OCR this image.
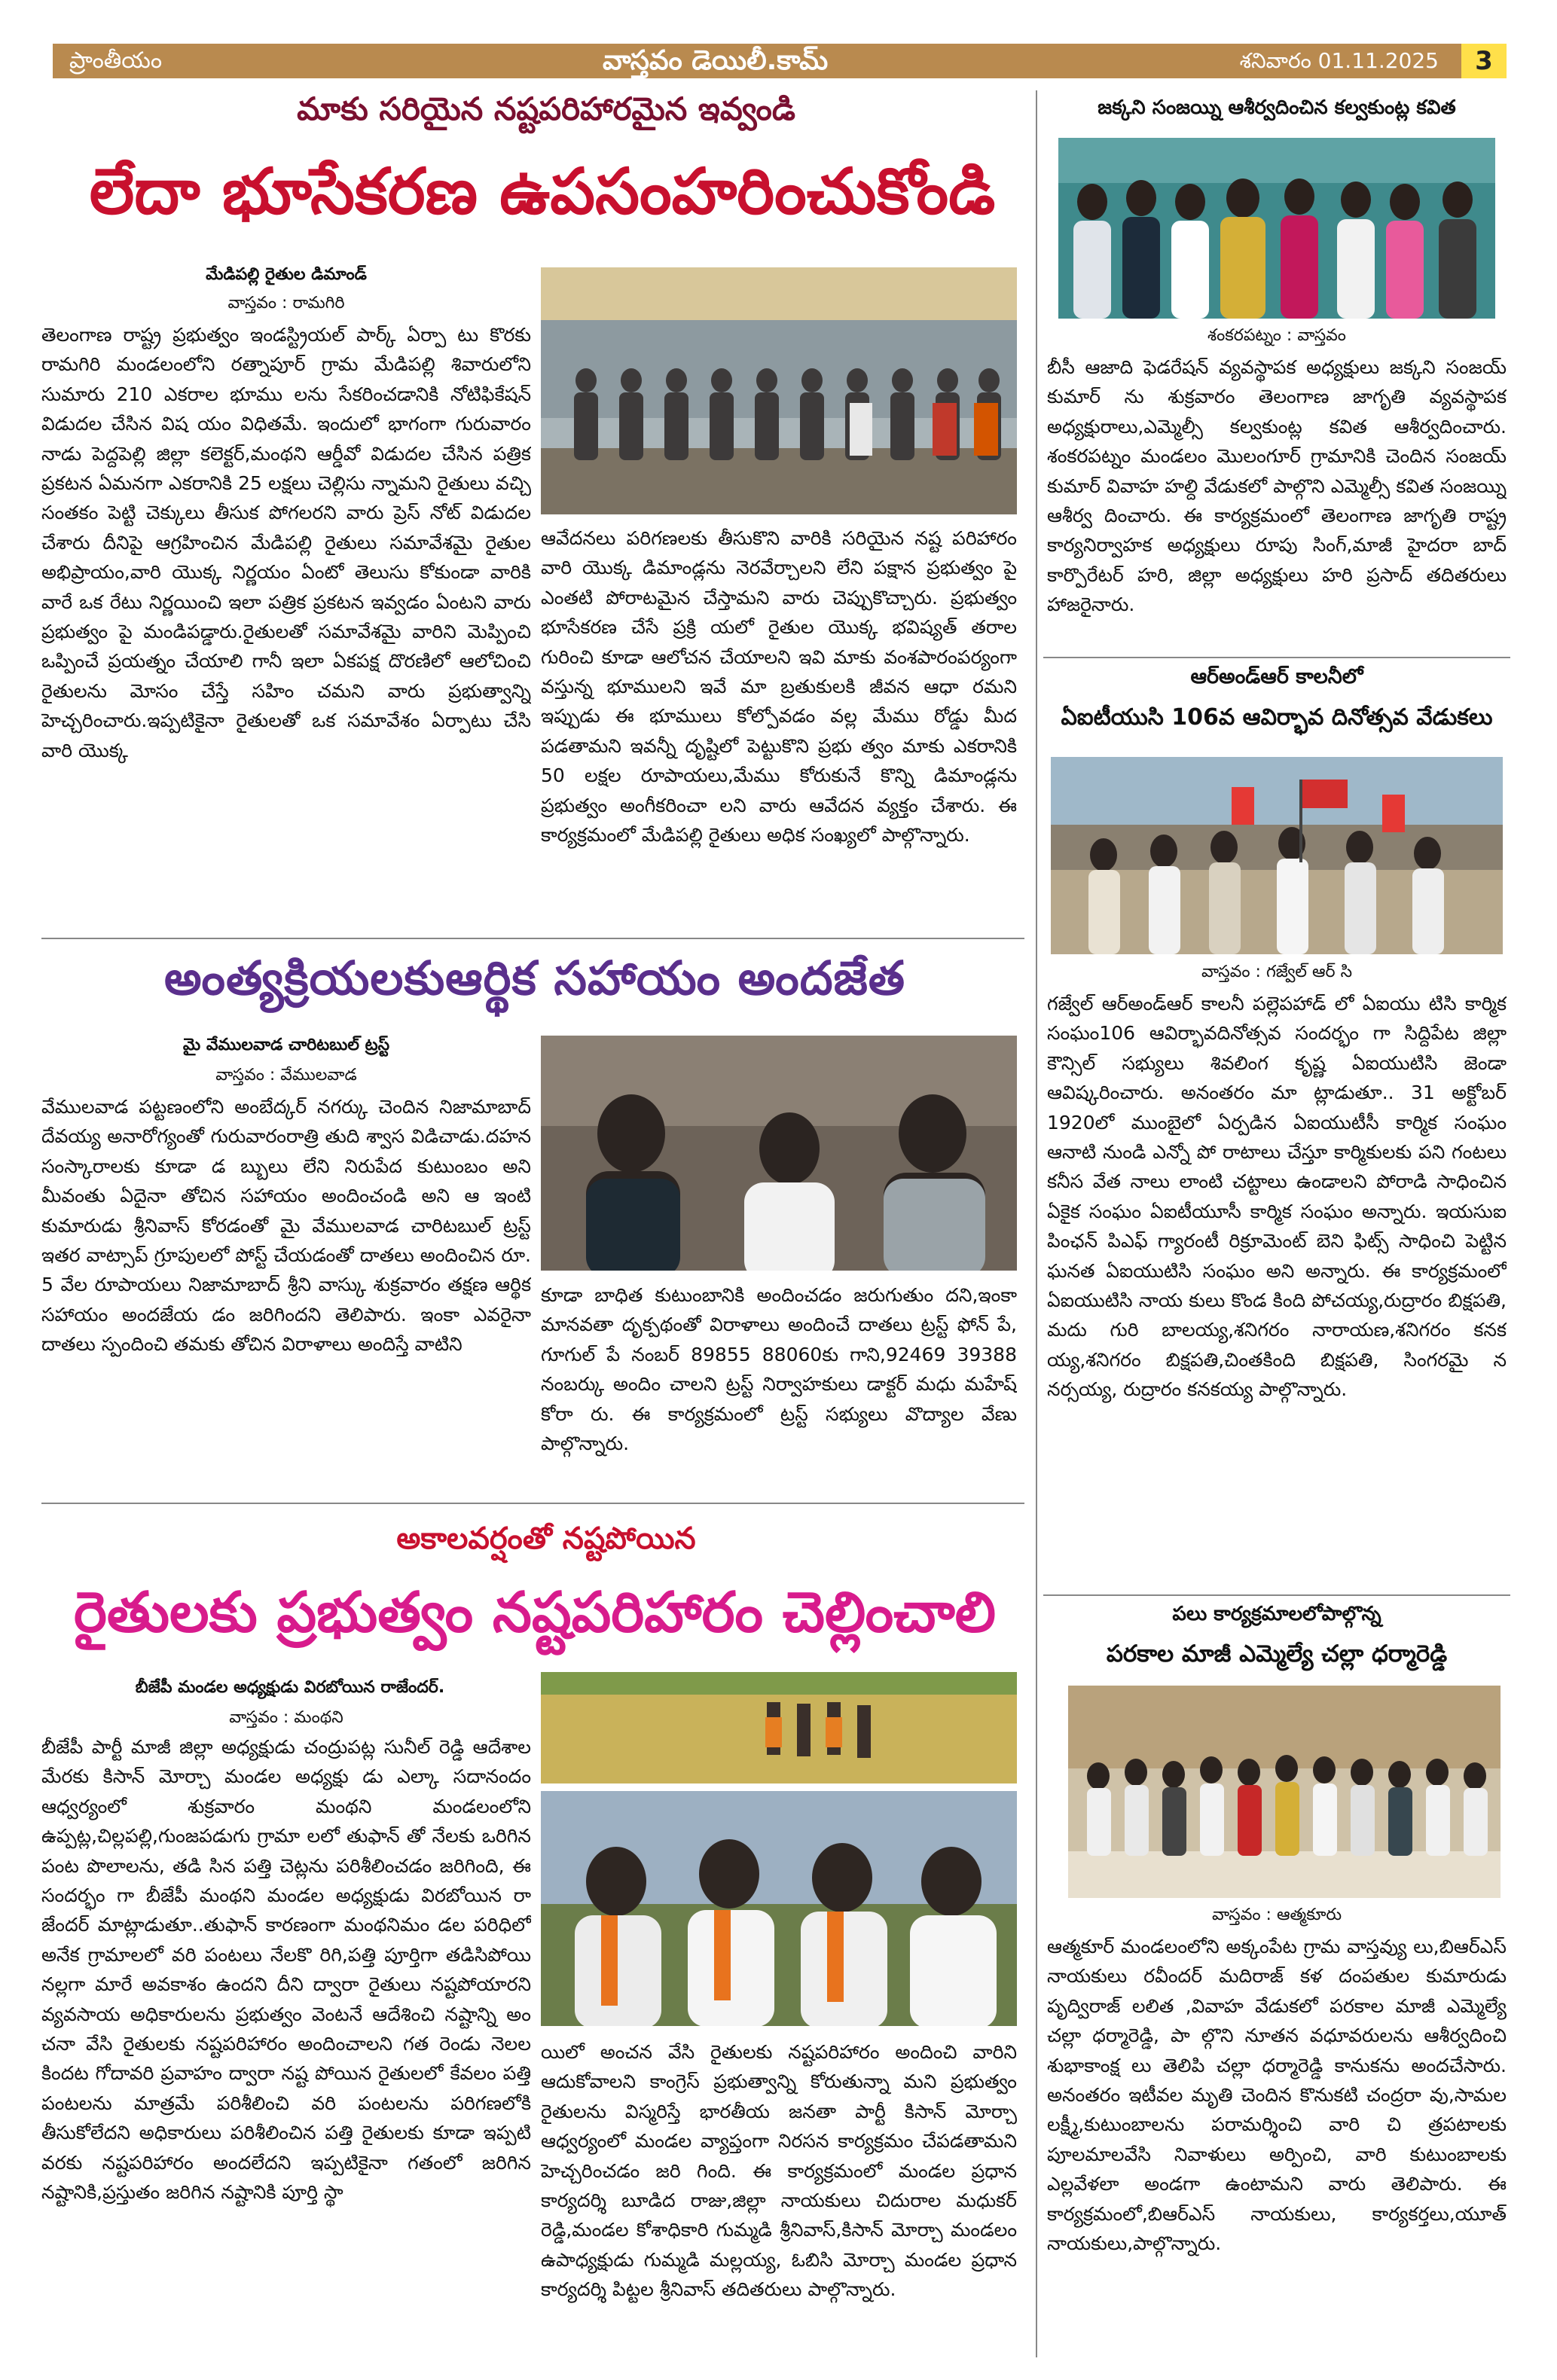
ప్రాంతీయం	వాస్తవం డెయిలీ.కామ్	శనివారం 01.11.2025	3
మాకు సరియైన నష్టపరిహారమైన ఇవ్వండి
లేదా భూసేకరణ ఉపసంహరించుకోండి
మేడిపల్లి రైతుల డిమాండ్
వాస్తవం : రామగిరి

తెలంగాణ రాష్ట్ర ప్రభుత్వం ఇండస్ట్రియల్ పార్క్ ఏర్పా టు కొరకు రామగిరి మండలంలోని రత్నాపూర్ గ్రామ మేడిపల్లి శివారులోని సుమారు 210 ఎకరాల భూము లను సేకరించడానికి నోటిఫికేషన్ విడుదల చేసిన విష యం విధితమే. ఇందులో భాగంగా గురువారం నాడు పెద్దపెల్లి జిల్లా కలెక్టర్,మంథని ఆర్డీవో విడుదల చేసిన పత్రిక ప్రకటన ఏమనగా ఎకరానికి 25 లక్షలు చెల్లిసు న్నామని రైతులు వచ్చి సంతకం పెట్టి చెక్కులు తీసుక పోగలరని వారు ప్రెస్ నోట్ విడుదల చేశారు దీనిపై ఆగ్రహించిన మేడిపల్లి రైతులు సమావేశమై రైతుల అభిప్రాయం,వారి యొక్క నిర్ణయం ఏంటో తెలుసు కోకుండా వారికి వారే ఒక రేటు నిర్ణయించి ఇలా పత్రిక ప్రకటన ఇవ్వడం ఏంటని వారు ప్రభుత్వం పై మండిపడ్డారు.రైతులతో సమావేశమై వారిని మెప్పించి ఒప్పించే ప్రయత్నం చేయాలి గానీ ఇలా ఏకపక్ష దొరణిలో ఆలోచించి రైతులను మోసం చేస్తే సహిం చమని వారు ప్రభుత్వాన్ని హెచ్చరించారు.ఇప్పటికైనా రైతులతో ఒక సమావేశం ఏర్పాటు చేసి వారి యొక్క

ఆవేదనలు పరిగణలకు తీసుకొని వారికి సరియైన నష్ట పరిహారం వారి యొక్క డిమాండ్లను నెరవేర్చాలని లేని పక్షాన ప్రభుత్వం పై ఎంతటి పోరాటమైన చేస్తామని వారు చెప్పుకొచ్చారు. ప్రభుత్వం భూసేకరణ చేసే ప్రక్రి యలో రైతుల యొక్క భవిష్యత్ తరాల గురించి కూడా ఆలోచన చేయాలని ఇవి మాకు వంశపారంపర్యంగా వస్తున్న భూములని ఇవే మా బ్రతుకులకి జీవన ఆధా రమని ఇప్పుడు ఈ భూములు కోల్పోవడం వల్ల మేము రోడ్డు మీద పడతామని ఇవన్నీ దృష్టిలో పెట్టుకొని ప్రభు త్వం మాకు ఎకరానికి 50 లక్షల రూపాయలు,మేము కోరుకునే కొన్ని డిమాండ్లను ప్రభుత్వం అంగీకరించా లని వారు ఆవేదన వ్యక్తం చేశారు. ఈ కార్యక్రమంలో మేడిపల్లి రైతులు అధిక సంఖ్యలో పాల్గొన్నారు.

అంత్యక్రియలకుఆర్థిక సహాయం అందజేత
మై వేములవాడ చారిటబుల్ ట్రస్ట్
వాస్తవం : వేములవాడ

వేములవాడ పట్టణంలోని అంబేద్కర్ నగర్కు చెందిన నిజామాబాద్ దేవయ్య అనారోగ్యంతో గురువారంరాత్రి తుది శ్వాస విడిచాడు.దహన సంస్కారాలకు కూడా డ బ్బులు లేని నిరుపేద కుటుంబం అని మీవంతు ఏదైనా తోచిన సహాయం అందించండి అని ఆ ఇంటి కుమారుడు శ్రీనివాస్ కోరడంతో మై వేములవాడ చారిటబుల్ ట్రస్ట్ ఇతర వాట్సాప్ గ్రూపులలో పోస్ట్ చేయడంతో దాతలు అందించిన రూ. 5 వేల రూపాయలు నిజామాబాద్ శ్రీని వాస్కు శుక్రవారం తక్షణ ఆర్థిక సహాయం అందజేయ డం జరిగిందని తెలిపారు. ఇంకా ఎవరైనా దాతలు స్పందించి తమకు తోచిన విరాళాలు అందిస్తే వాటిని

కూడా బాధిత కుటుంబానికి అందించడం జరుగుతుం దని,ఇంకా మానవతా దృక్పథంతో విరాళాలు అందించే దాతలు ట్రస్ట్ ఫోన్ పే, గూగుల్ పే నంబర్ 89855 88060కు గాని,92469 39388 నంబర్కు అందిం చాలని ట్రస్ట్ నిర్వాహకులు డాక్టర్ మధు మహేష్ కోరా రు. ఈ కార్యక్రమంలో ట్రస్ట్ సభ్యులు వొద్యాల వేణు పాల్గొన్నారు.

అకాలవర్షంతో నష్టపోయిన
రైతులకు ప్రభుత్వం నష్టపరిహారం చెల్లించాలి
బీజేపీ మండల అధ్యక్షుడు విరబోయిన రాజేందర్.
వాస్తవం : మంథని

బీజేపీ పార్టీ మాజీ జిల్లా అధ్యక్షుడు చంద్రుపట్ల సునీల్ రెడ్డి ఆదేశాల మేరకు కిసాన్ మోర్చా మండల అధ్యక్షు డు ఎల్కా సదానందం ఆధ్వర్యంలో శుక్రవారం మంథని మండలంలోని ఉప్పట్ల,చిల్లపల్లి,గుంజపడుగు గ్రామా లలో తుఫాన్ తో నేలకు ఒరిగిన పంట పొలాలను, తడి సిన పత్తి చెట్లను పరిశీలించడం జరిగింది, ఈ సందర్భం గా బీజేపీ మంథని మండల అధ్యక్షుడు విరబోయిన రా జేందర్ మాట్లాడుతూ..తుఫాన్ కారణంగా మంథనిమం డల పరిధిలో అనేక గ్రామాలలో వరి పంటలు నేలకొ రిగి,పత్తి పూర్తిగా తడిసిపోయి నల్లగా మారే అవకాశం ఉందని దీని ద్వారా రైతులు నష్టపోయారని వ్యవసాయ అధికారులను ప్రభుత్వం వెంటనే ఆదేశించి నష్టాన్ని అం చనా వేసి రైతులకు నష్టపరిహారం అందించాలని గత రెండు నెలల కిందట గోదావరి ప్రవాహం ద్వారా నష్ట పోయిన రైతులలో కేవలం పత్తి పంటలను మాత్రమే పరిశీలించి వరి పంటలను పరిగణలోకి తీసుకోలేదని అధికారులు పరిశీలించిన పత్తి రైతులకు కూడా ఇప్పటి వరకు నష్టపరిహారం అందలేదని ఇప్పటికైనా గతంలో జరిగిన నష్టానికి,ప్రస్తుతం జరిగిన నష్టానికి పూర్తి స్థా

యిలో అంచన వేసి రైతులకు నష్టపరిహారం అందించి వారిని ఆదుకోవాలని కాంగ్రెస్ ప్రభుత్వాన్ని కోరుతున్నా మని ప్రభుత్వం రైతులను విస్మరిస్తే భారతీయ జనతా పార్టీ కిసాన్ మోర్చా ఆధ్వర్యంలో మండల వ్యాప్తంగా నిరసన కార్యక్రమం చేపడతామని హెచ్చరించడం జరి గింది. ఈ కార్యక్రమంలో మండల ప్రధాన కార్యదర్శి బూడిద రాజు,జిల్లా నాయకులు చిదురాల మధుకర్ రెడ్డి,మండల కోశాధికారి గుమ్మడి శ్రీనివాస్,కిసాన్ మోర్చా మండలం ఉపాధ్యక్షుడు గుమ్మడి మల్లయ్య, ఓబిసి మోర్చా మండల ప్రధాన కార్యదర్శి పిట్టల శ్రీనివాస్ తదితరులు పాల్గొన్నారు.

జక్కని సంజయ్ని ఆశీర్వదించిన కల్వకుంట్ల కవిత
శంకరపట్నం : వాస్తవం

బీసీ ఆజాది ఫెడరేషన్ వ్యవస్థాపక అధ్యక్షులు జక్కని సంజయ్ కుమార్ ను శుక్రవారం తెలంగాణ జాగృతి వ్యవస్థాపక అధ్యక్షురాలు,ఎమ్మెల్సీ కల్వకుంట్ల కవిత ఆశీర్వదించారు. శంకరపట్నం మండలం మొలంగూర్ గ్రామానికి చెందిన సంజయ్ కుమార్ వివాహ హల్ది వేడుకలో పాల్గొని ఎమ్మెల్సీ కవిత సంజయ్ని ఆశీర్వ దించారు. ఈ కార్యక్రమంలో తెలంగాణ జాగృతి రాష్ట్ర కార్యనిర్వాహక అధ్యక్షులు రూపు సింగ్,మాజీ హైదరా బాద్ కార్పొరేటర్ హరి, జిల్లా అధ్యక్షులు హరి ప్రసాద్ తదితరులు హాజరైనారు.

ఆర్అండ్ఆర్ కాలనీలో
ఏఐటీయుసి 106వ ఆవిర్భావ దినోత్సవ వేడుకలు
వాస్తవం : గజ్వేల్ ఆర్ సి

గజ్వేల్ ఆర్అండ్ఆర్ కాలనీ పల్లెపహాడ్ లో ఏఐయు టిసి కార్మిక సంఘం106 ఆవిర్భావదినోత్సవ సందర్భం గా సిద్దిపేట జిల్లా కౌన్సిల్ సభ్యులు శివలింగ కృష్ణ ఏఐయుటిసి జెండా ఆవిష్కరించారు. అనంతరం మా ట్లాడుతూ.. 31 అక్టోబర్ 1920లో ముంబైలో ఏర్పడిన ఏఐయుటీసీ కార్మిక సంఘం ఆనాటి నుండి ఎన్నో పో రాటాలు చేస్తూ కార్మికులకు పని గంటలు కనీస వేత నాలు లాంటి చట్టాలు ఉండాలని పోరాడి సాధించిన ఏకైక సంఘం ఏఐటీయూసీ కార్మిక సంఘం అన్నారు. ఇయసుఐ పింఛన్ పిఎఫ్ గ్యారంటీ రిక్రూమెంట్ బెని ఫిట్స్ సాధించి పెట్టిన ఘనత ఏఐయుటిసి సంఘం అని అన్నారు. ఈ కార్యక్రమంలో ఏఐయుటిసి నాయ కులు కొండ కింది పోచయ్య,రుద్రారం బిక్షపతి, మదు గురి బాలయ్య,శనిగరం నారాయణ,శనిగరం కనక య్య,శనిగరం బిక్షపతి,చింతకింది బిక్షపతి, సింగరమై న నర్సయ్య, రుద్రారం కనకయ్య పాల్గొన్నారు.

పలు కార్యక్రమాలలోపాల్గొన్న
పరకాల మాజీ ఎమ్మెల్యే చల్లా ధర్మారెడ్డి
వాస్తవం : ఆత్మకూరు

ఆత్మకూర్ మండలంలోని అక్కంపేట గ్రామ వాస్తవ్యు లు,బిఆర్ఎస్ నాయకులు రవీందర్ మదిరాజ్ కళ దంపతుల కుమారుడు పృద్విరాజ్ లలిత ,వివాహ వేడుకలో పరకాల మాజీ ఎమ్మెల్యే చల్లా ధర్మారెడ్డి, పా ల్గొని నూతన వధూవరులను ఆశీర్వదించి శుభాకాంక్ష లు తెలిపి చల్లా ధర్మారెడ్డి కానుకను అందచేసారు. అనంతరం ఇటీవల మృతి చెందిన కొనుకటి చంద్రరా వు,సామల లక్ష్మీ,కుటుంబాలను పరామర్శించి వారి చి త్రపటాలకు పూలమాలవేసి నివాళులు అర్పించి, వారి కుటుంబాలకు ఎల్లవేళలా అండగా ఉంటామని వారు తెలిపారు. ఈ కార్యక్రమంలో,బిఆర్ఎస్ నాయకులు, కార్యకర్తలు,యూత్ నాయకులు,పాల్గొన్నారు.
